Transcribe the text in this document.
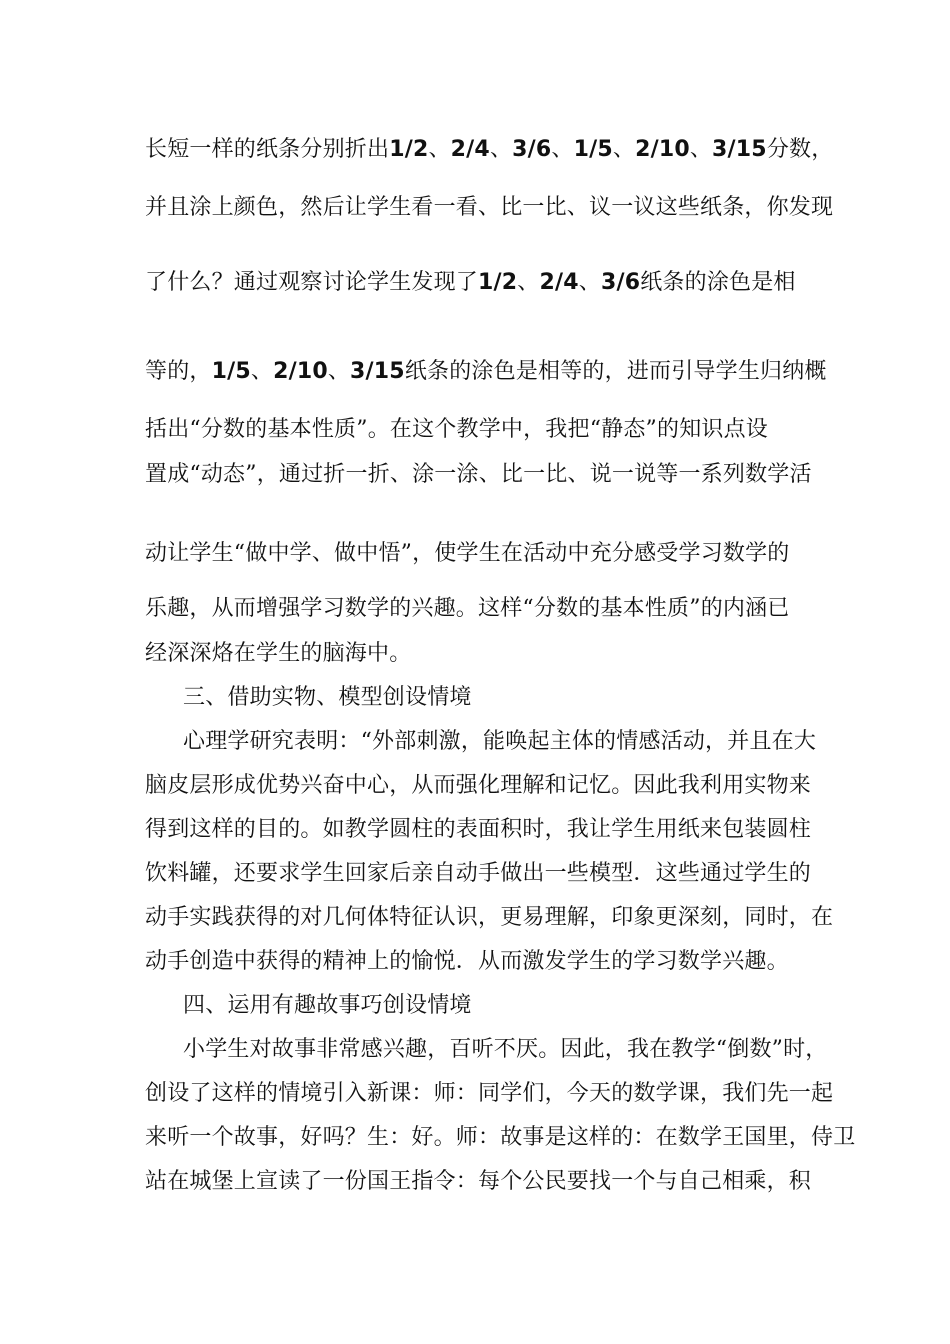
长短一样的纸条分别折出1/2、2/4、3/6、1/5、2/10、3/15分数，
并且涂上颜色，然后让学生看一看、比一比、议一议这些纸条，你发现
了什么？通过观察讨论学生发现了1/2、2/4、3/6纸条的涂色是相
等的，1/5、2/10、3/15纸条的涂色是相等的，进而引导学生归纳概
括出“分数的基本性质”。在这个教学中，我把“静态”的知识点设
置成“动态”，通过折一折、涂一涂、比一比、说一说等一系列数学活
动让学生“做中学、做中悟”，使学生在活动中充分感受学习数学的
乐趣，从而增强学习数学的兴趣。这样“分数的基本性质”的内涵已
经深深烙在学生的脑海中。
三、借助实物、模型创设情境
心理学研究表明：“外部刺激，能唤起主体的情感活动，并且在大
脑皮层形成优势兴奋中心，从而强化理解和记忆。因此我利用实物来
得到这样的目的。如教学圆柱的表面积时，我让学生用纸来包装圆柱
饮料罐，还要求学生回家后亲自动手做出一些模型．这些通过学生的
动手实践获得的对几何体特征认识，更易理解，印象更深刻，同时，在
动手创造中获得的精神上的愉悦．从而激发学生的学习数学兴趣。
四、运用有趣故事巧创设情境
小学生对故事非常感兴趣，百听不厌。因此，我在教学“倒数”时，
创设了这样的情境引入新课：师：同学们，今天的数学课，我们先一起
来听一个故事，好吗？生：好。师：故事是这样的：在数学王国里，侍卫
站在城堡上宣读了一份国王指令：每个公民要找一个与自己相乘，积
